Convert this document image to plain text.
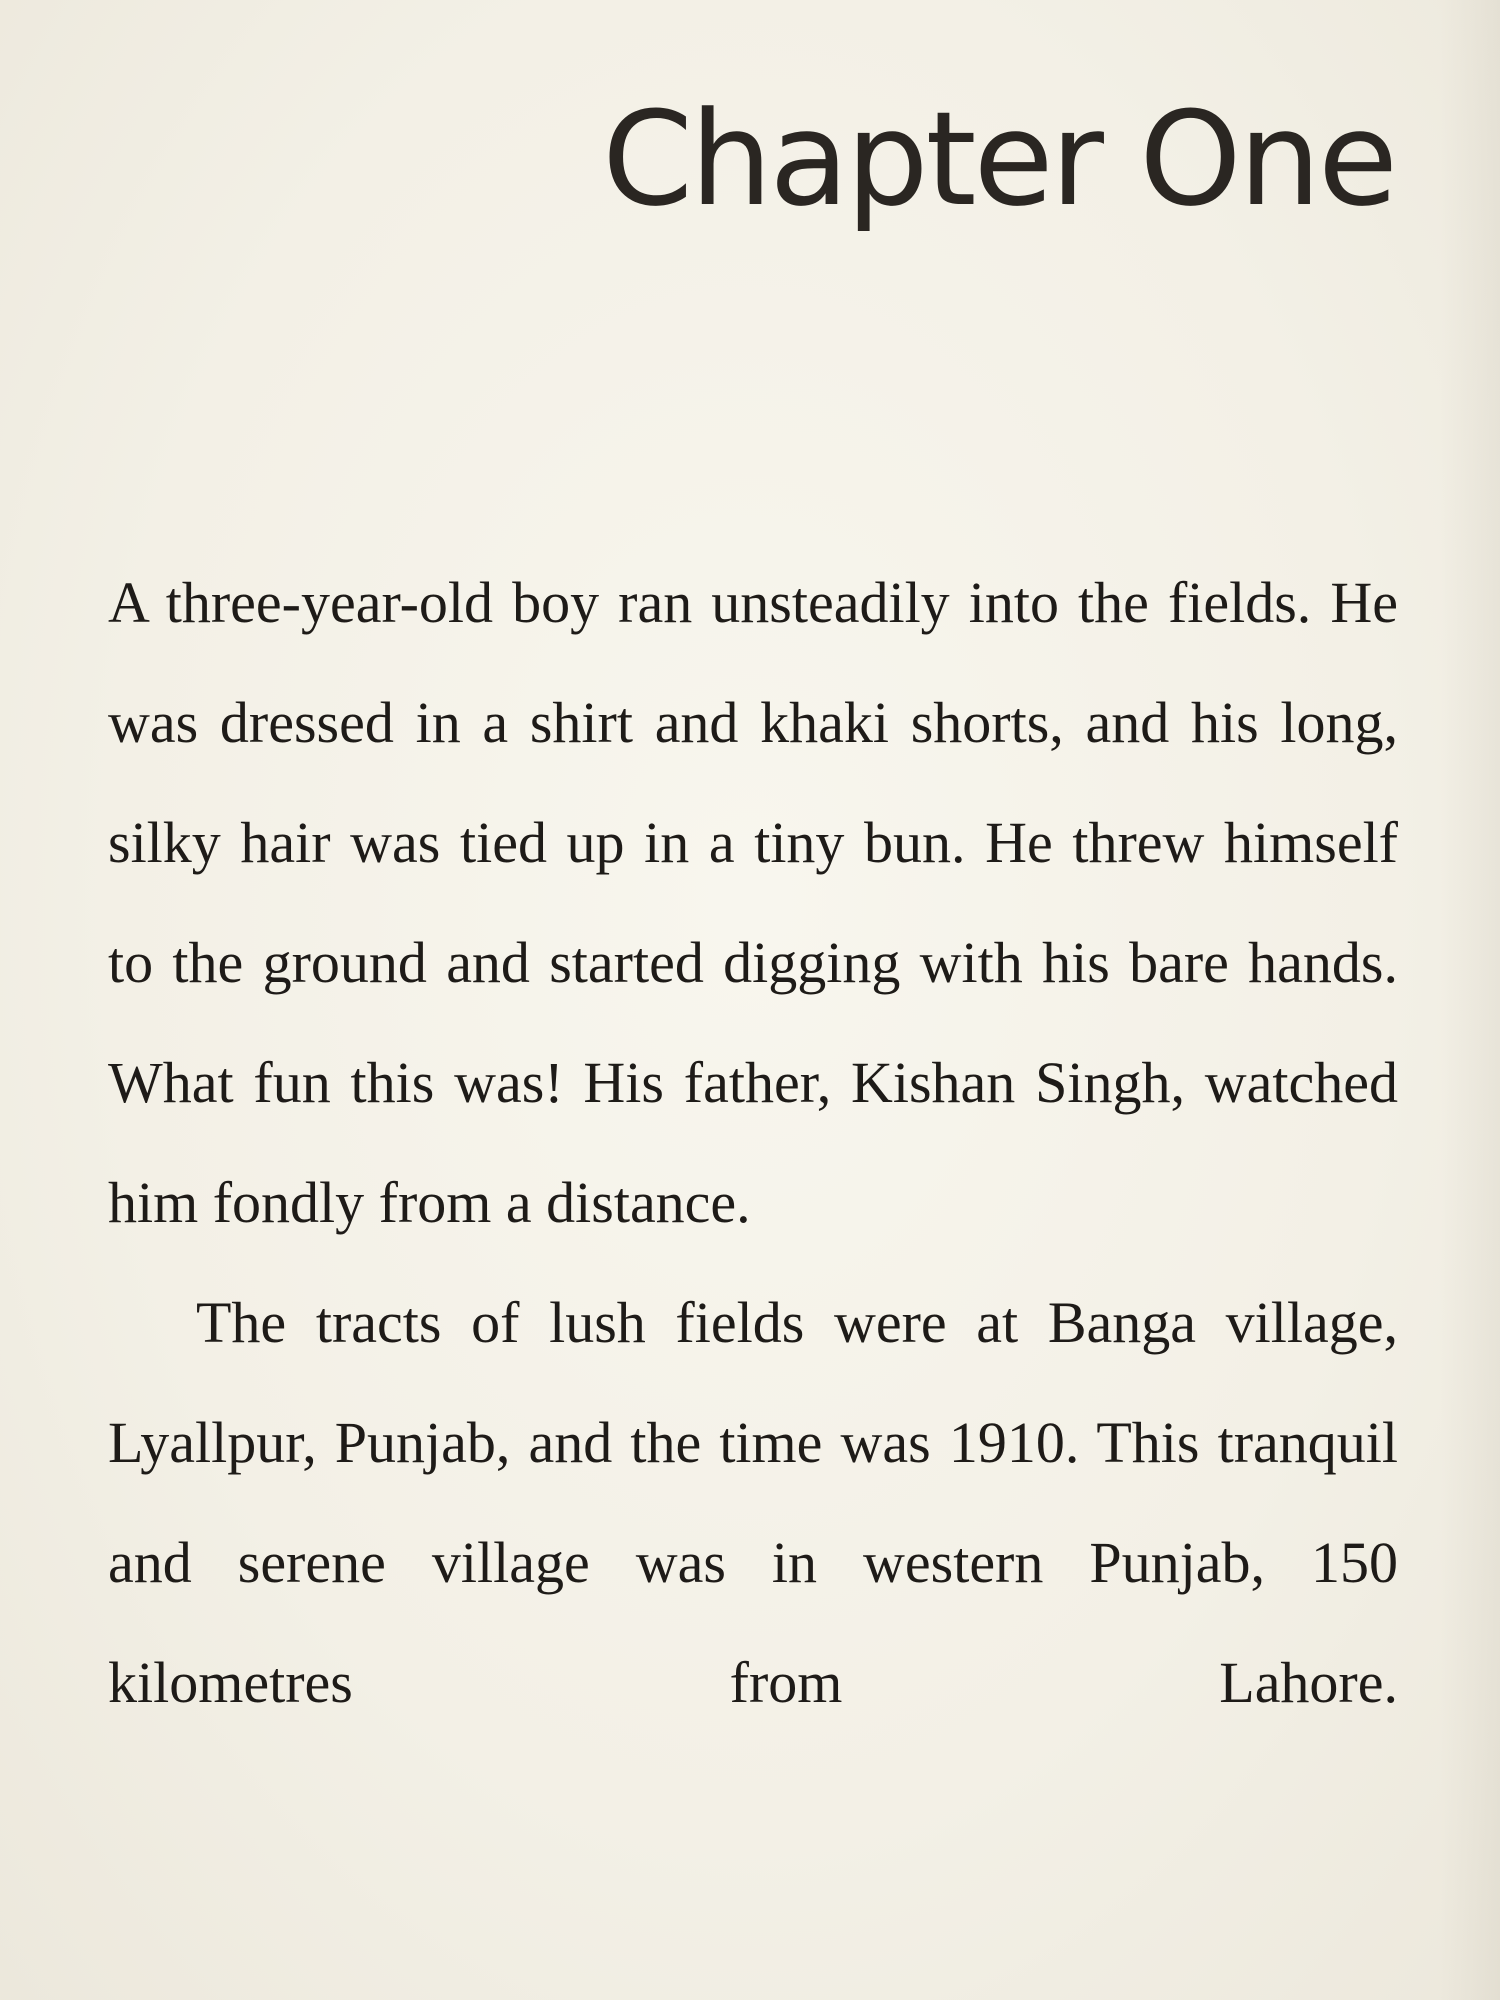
Chapter One

A three-year-old boy ran unsteadily into the fields. He was dressed in a shirt and khaki shorts, and his long, silky hair was tied up in a tiny bun. He threw himself to the ground and started digging with his bare hands. What fun this was! His father, Kishan Singh, watched him fondly from a distance.

The tracts of lush fields were at Banga village, Lyallpur, Punjab, and the time was 1910. This tranquil and serene village was in western Punjab, 150 kilometres from Lahore.
